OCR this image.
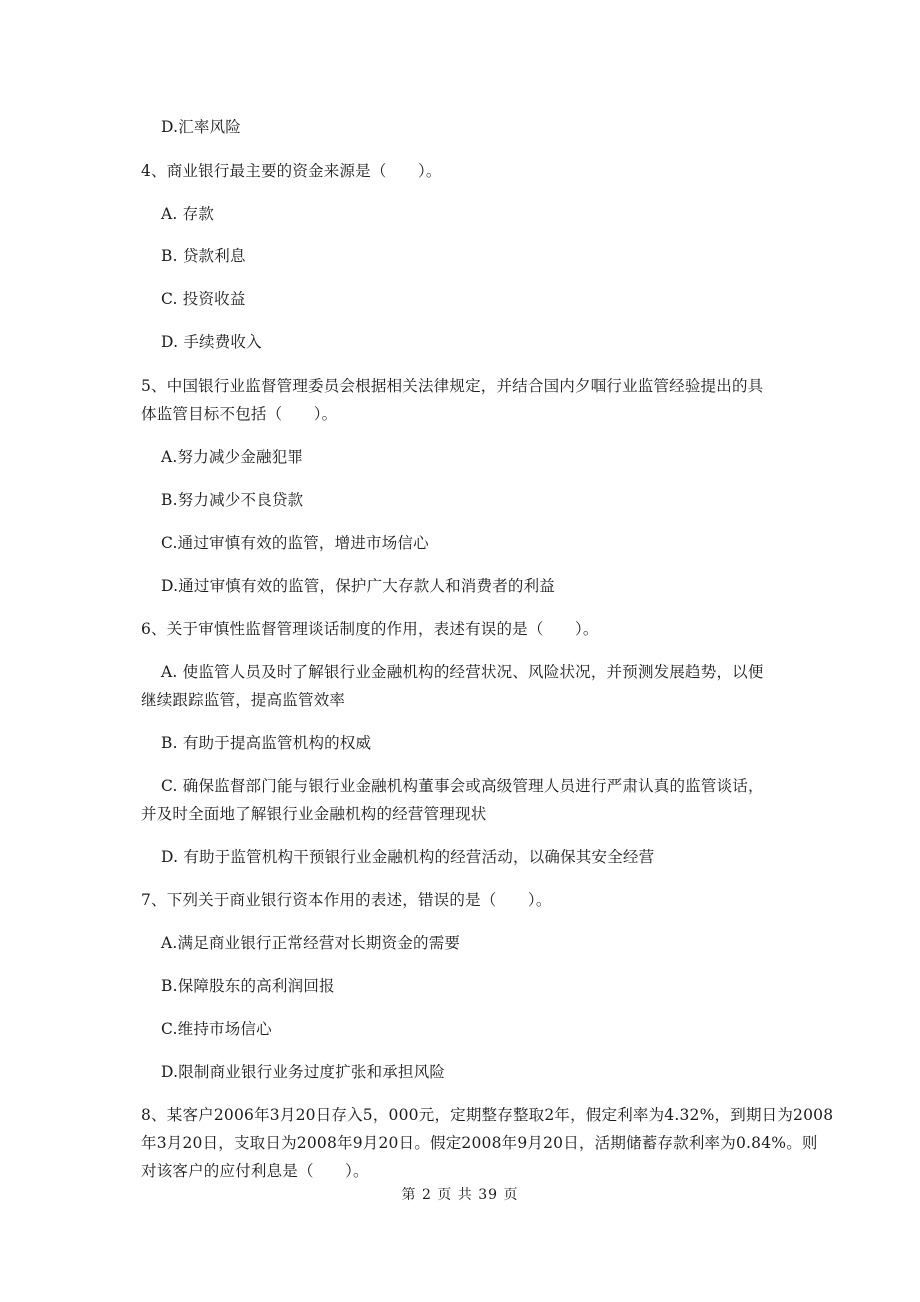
D.汇率风险
4、商业银行最主要的资金来源是（　　）。
A. 存款
B. 贷款利息
C. 投资收益
D. 手续费收入
5、中国银行业监督管理委员会根据相关法律规定，并结合国内夕啯行业监管经验提出的具
体监管目标不包括（　　）。
A.努力减少金融犯罪
B.努力减少不良贷款
C.通过审慎有效的监管，增进市场信心
D.通过审慎有效的监管，保护广大存款人和消费者的利益
6、关于审慎性监督管理谈话制度的作用，表述有误的是（　　）。
A. 使监管人员及时了解银行业金融机构的经营状况、风险状况，并预测发展趋势，以便
继续跟踪监管，提高监管效率
B. 有助于提高监管机构的权威
C. 确保监督部门能与银行业金融机构董事会或高级管理人员进行严肃认真的监管谈话，
并及时全面地了解银行业金融机构的经营管理现状
D. 有助于监管机构干预银行业金融机构的经营活动，以确保其安全经营
7、下列关于商业银行资本作用的表述，错误的是（　　）。
A.满足商业银行正常经营对长期资金的需要
B.保障股东的高利润回报
C.维持市场信心
D.限制商业银行业务过度扩张和承担风险
8、某客户2006年3月20日存入5，000元，定期整存整取2年，假定利率为4.32%，到期日为2008
年3月20日，支取日为2008年9月20日。假定2008年9月20日，活期储蓄存款利率为0.84%。则
对该客户的应付利息是（　　）。
第 2 页 共 39 页
